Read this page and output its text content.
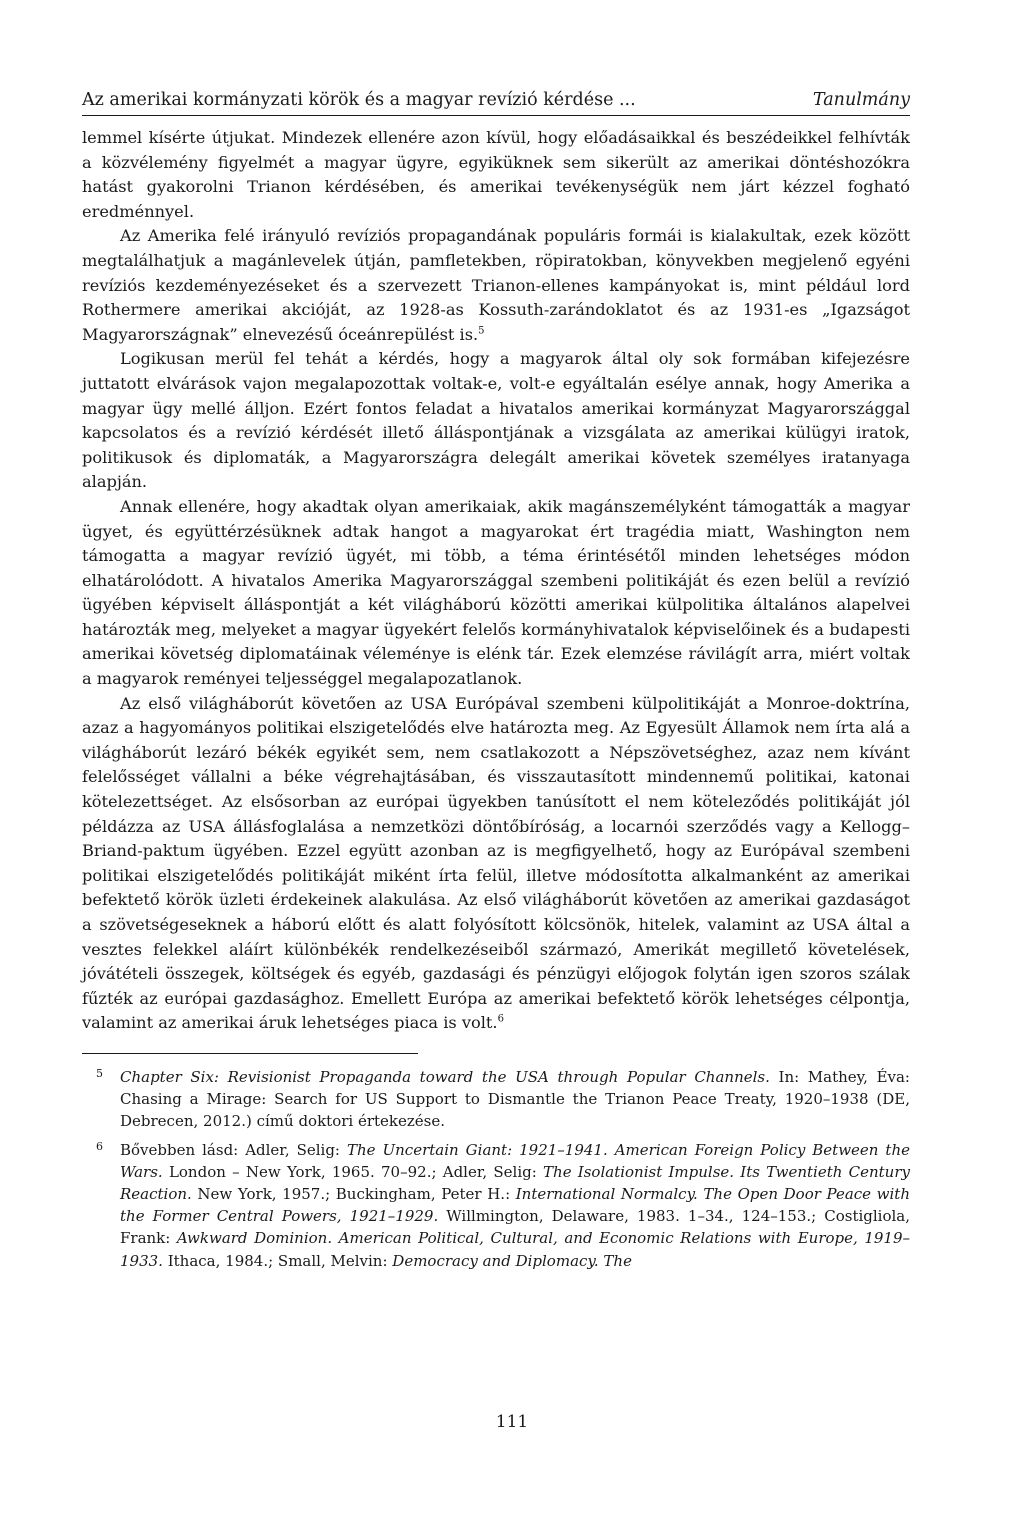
Az amerikai kormányzati körök és a magyar revízió kérdése ...	Tanulmány

lemmel kísérte útjukat. Mindezek ellenére azon kívül, hogy előadásaikkal és beszédeikkel felhívták a közvélemény figyelmét a magyar ügyre, egyiküknek sem sikerült az amerikai döntéshozókra hatást gyakorolni Trianon kérdésében, és amerikai tevékenységük nem járt kézzel fogható eredménnyel.

Az Amerika felé irányuló revíziós propagandának populáris formái is kialakultak, ezek között megtalálhatjuk a magánlevelek útján, pamfletekben, röpiratokban, könyvekben megjelenő egyéni revíziós kezdeményezéseket és a szervezett Trianon-ellenes kampányokat is, mint például lord Rothermere amerikai akcióját, az 1928-as Kossuth-zarándoklatot és az 1931-es „Igazságot Magyarországnak” elnevezésű óceánrepülést is.$^5$

Logikusan merül fel tehát a kérdés, hogy a magyarok által oly sok formában kifejezésre juttatott elvárások vajon megalapozottak voltak-e, volt-e egyáltalán esélye annak, hogy Amerika a magyar ügy mellé álljon. Ezért fontos feladat a hivatalos amerikai kormányzat Magyarországgal kapcsolatos és a revízió kérdését illető álláspontjának a vizsgálata az amerikai külügyi iratok, politikusok és diplomaták, a Magyarországra delegált amerikai követek személyes iratanyaga alapján.

Annak ellenére, hogy akadtak olyan amerikaiak, akik magánszemélyként támogatták a magyar ügyet, és együttérzésüknek adtak hangot a magyarokat ért tragédia miatt, Washington nem támogatta a magyar revízió ügyét, mi több, a téma érintésétől minden lehetséges módon elhatárolódott. A hivatalos Amerika Magyarországgal szembeni politikáját és ezen belül a revízió ügyében képviselt álláspontját a két világháború közötti amerikai külpolitika általános alapelvei határozták meg, melyeket a magyar ügyekért felelős kormányhivatalok képviselőinek és a budapesti amerikai követség diplomatáinak véleménye is elénk tár. Ezek elemzése rávilágít arra, miért voltak a magyarok reményei teljességgel megalapozatlanok.

Az első világháborút követően az USA Európával szembeni külpolitikáját a Monroe-doktrína, azaz a hagyományos politikai elszigetelődés elve határozta meg. Az Egyesült Államok nem írta alá a világháborút lezáró békék egyikét sem, nem csatlakozott a Népszövetséghez, azaz nem kívánt felelősséget vállalni a béke végrehajtásában, és visszautasított mindennemű politikai, katonai kötelezettséget. Az elsősorban az európai ügyekben tanúsított el nem köteleződés politikáját jól példázza az USA állásfoglalása a nemzetközi döntőbíróság, a locarnói szerződés vagy a Kellogg–Briand-paktum ügyében. Ezzel együtt azonban az is megfigyelhető, hogy az Európával szembeni politikai elszigetelődés politikáját miként írta felül, illetve módosította alkalmanként az amerikai befektető körök üzleti érdekeinek alakulása. Az első világháborút követően az amerikai gazdaságot a szövetségeseknek a háború előtt és alatt folyósított kölcsönök, hitelek, valamint az USA által a vesztes felekkel aláírt különbékék rendelkezéseiből származó, Amerikát megillető követelések, jóvátételi összegek, költségek és egyéb, gazdasági és pénzügyi előjogok folytán igen szoros szálak fűzték az európai gazdasághoz. Emellett Európa az amerikai befektető körök lehetséges célpontja, valamint az amerikai áruk lehetséges piaca is volt.$^6$

5	Chapter Six: Revisionist Propaganda toward the USA through Popular Channels. In: Mathey, Éva: Chasing a Mirage: Search for US Support to Dismantle the Trianon Peace Treaty, 1920–1938 (DE, Debrecen, 2012.) című doktori értekezése.
6	Bővebben lásd: Adler, Selig: The Uncertain Giant: 1921–1941. American Foreign Policy Between the Wars. London – New York, 1965. 70–92.; Adler, Selig: The Isolationist Impulse. Its Twentieth Century Reaction. New York, 1957.; Buckingham, Peter H.: International Normalcy. The Open Door Peace with the Former Central Powers, 1921–1929. Willmington, Delaware, 1983. 1–34., 124–153.; Costigliola, Frank: Awkward Dominion. American Political, Cultural, and Economic Relations with Europe, 1919–1933. Ithaca, 1984.; Small, Melvin: Democracy and Diplomacy. The
111
